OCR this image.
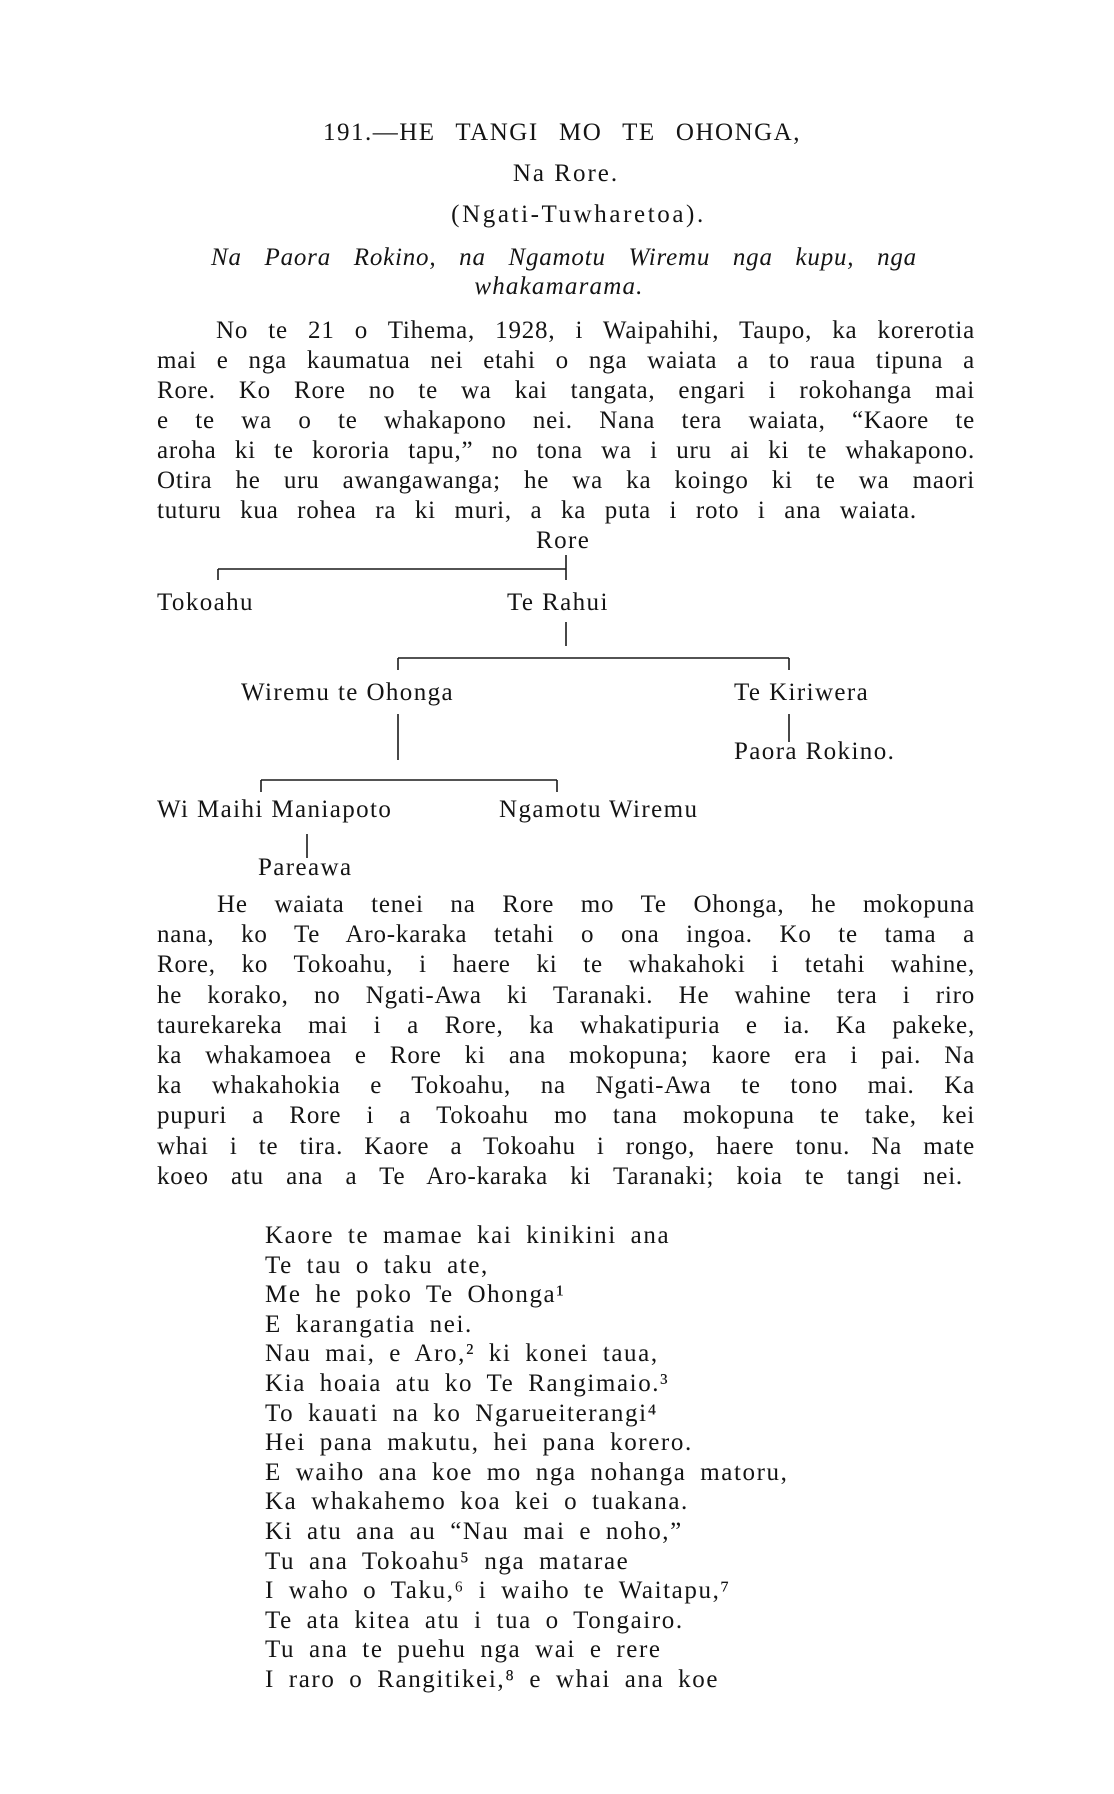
191.—HE TANGI MO TE OHONGA,
Na Rore.
(Ngati-Tuwharetoa).
Na Paora Rokino, na Ngamotu Wiremu nga kupu, nga
whakamarama.
No te 21 o Tihema, 1928, i Waipahihi, Taupo, ka korerotia
mai e nga kaumatua nei etahi o nga waiata a to raua tipuna a
Rore. Ko Rore no te wa kai tangata, engari i rokohanga mai
e te wa o te whakapono nei. Nana tera waiata, “Kaore te
aroha ki te kororia tapu,” no tona wa i uru ai ki te whakapono.
Otira he uru awangawanga; he wa ka koingo ki te wa maori
tuturu kua rohea ra ki muri, a ka puta i roto i ana waiata.
Rore
Tokoahu	Te Rahui
Wiremu te Ohonga	Te Kiriwera
Paora Rokino.
Wi Maihi Maniapoto	Ngamotu Wiremu
Pareawa
He waiata tenei na Rore mo Te Ohonga, he mokopuna
nana, ko Te Aro-karaka tetahi o ona ingoa. Ko te tama a
Rore, ko Tokoahu, i haere ki te whakahoki i tetahi wahine,
he korako, no Ngati-Awa ki Taranaki. He wahine tera i riro
taurekareka mai i a Rore, ka whakatipuria e ia. Ka pakeke,
ka whakamoea e Rore ki ana mokopuna; kaore era i pai. Na
ka whakahokia e Tokoahu, na Ngati-Awa te tono mai. Ka
pupuri a Rore i a Tokoahu mo tana mokopuna te take, kei
whai i te tira. Kaore a Tokoahu i rongo, haere tonu. Na mate
koeo atu ana a Te Aro-karaka ki Taranaki; koia te tangi nei.
Kaore te mamae kai kinikini ana
Te tau o taku ate,
Me he poko Te Ohonga¹
E karangatia nei.
Nau mai, e Aro,² ki konei taua,
Kia hoaia atu ko Te Rangimaio.³
To kauati na ko Ngarueiterangi⁴
Hei pana makutu, hei pana korero.
E waiho ana koe mo nga nohanga matoru,
Ka whakahemo koa kei o tuakana.
Ki atu ana au “Nau mai e noho,”
Tu ana Tokoahu⁵ nga matarae
I waho o Taku,⁶ i waiho te Waitapu,⁷
Te ata kitea atu i tua o Tongairo.
Tu ana te puehu nga wai e rere
I raro o Rangitikei,⁸ e whai ana koe
